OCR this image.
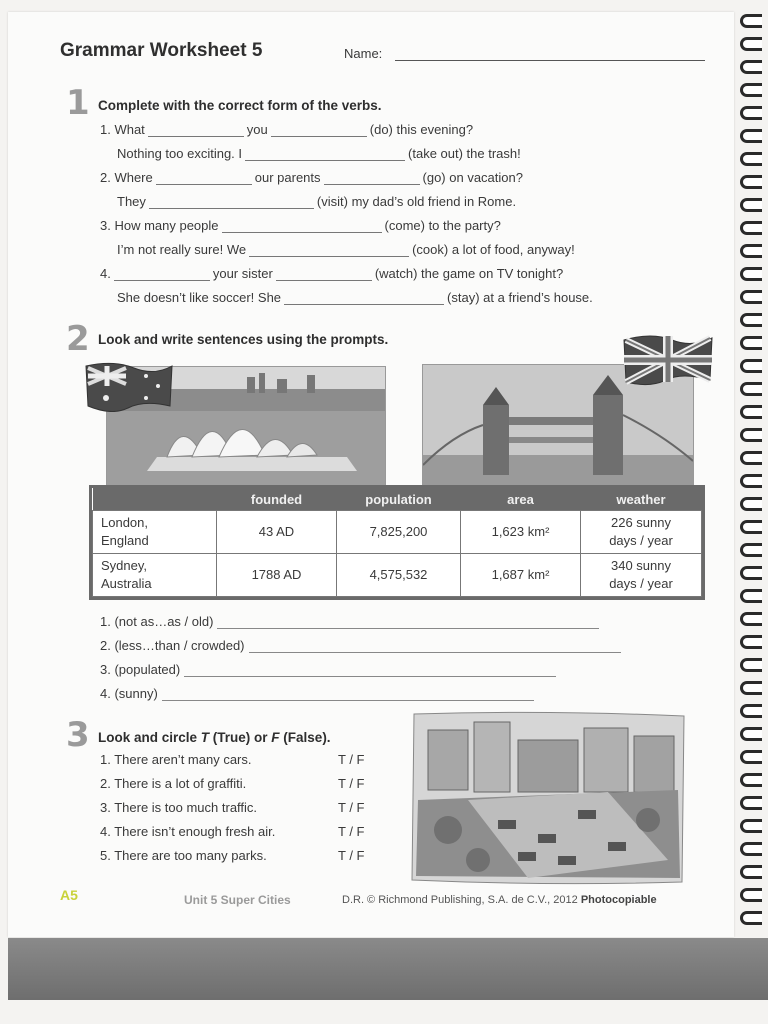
Grammar Worksheet 5	Name:
1 Complete with the correct form of the verbs.
1. What	you	(do) this evening?
Nothing too exciting. I	(take out) the trash!
2. Where	our parents	(go) on vacation?
They	(visit) my dad’s old friend in Rome.
3. How many people	(come) to the party?
I’m not really sure! We	(cook) a lot of food, anyway!
4.	your sister	(watch) the game on TV tonight?
She doesn’t like soccer! She	(stay) at a friend’s house.
2 Look and write sentences using the prompts.
	founded	population	area	weather
London,
England	43 AD	7,825,200	1,623 km²	226 sunny
days / year
Sydney,
Australia	1788 AD	4,575,532	1,687 km²	340 sunny
days / year
1. (not as…as / old)
2. (less…than / crowded)
3. (populated)
4. (sunny)
3 Look and circle T (True) or F (False).
1. There aren’t many cars.
2. There is a lot of graffiti.
3. There is too much traffic.
4. There isn’t enough fresh air.
5. There are too many parks.
T / F
T / F
T / F
T / F
T / F
A5	Unit 5 Super Cities	D.R. © Richmond Publishing, S.A. de C.V., 2012 Photocopiable
